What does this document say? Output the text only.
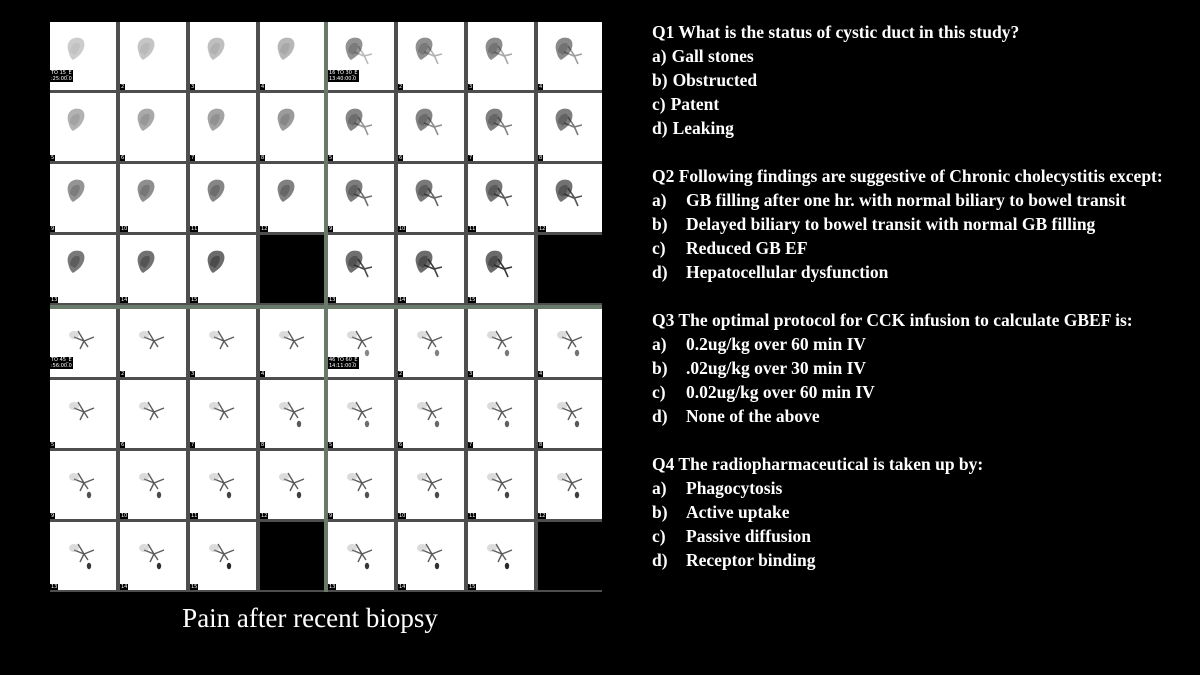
TO 15_E
:25:00.0
2	3	4
5	6	7	8
9	10	11	12
13	14	15
16 TO 30_E
13:40:00.0
2	3	4
5	6	7	8
9	10	11	12
13	14	15
TO 45_E
:56:00.0
2	3	4
5	6	7	8
9	10	11	12
13	14	15
46 TO 60_E
14:11:00.0
2	3	4
5	6	7	8
9	10	11	12
13	14	15
Pain after recent biopsy

Q1 What is the status of cystic duct in this study?

a) Gall stones
b) Obstructed
c) Patent
d) Leaking

Q2 Following findings are suggestive of Chronic cholecystitis except:

a)	GB filling after one hr. with normal biliary to bowel transit
b)	Delayed biliary to bowel transit with normal GB filling
c)	Reduced GB EF
d)	Hepatocellular dysfunction

Q3 The optimal protocol for CCK infusion to calculate GBEF is:

a)	0.2ug/kg over 60 min IV
b)	.02ug/kg over 30 min IV
c)	0.02ug/kg over 60 min IV
d)	None of the above

Q4 The radiopharmaceutical is taken up by:

a)	Phagocytosis
b)	Active uptake
c)	Passive diffusion
d)	Receptor binding
